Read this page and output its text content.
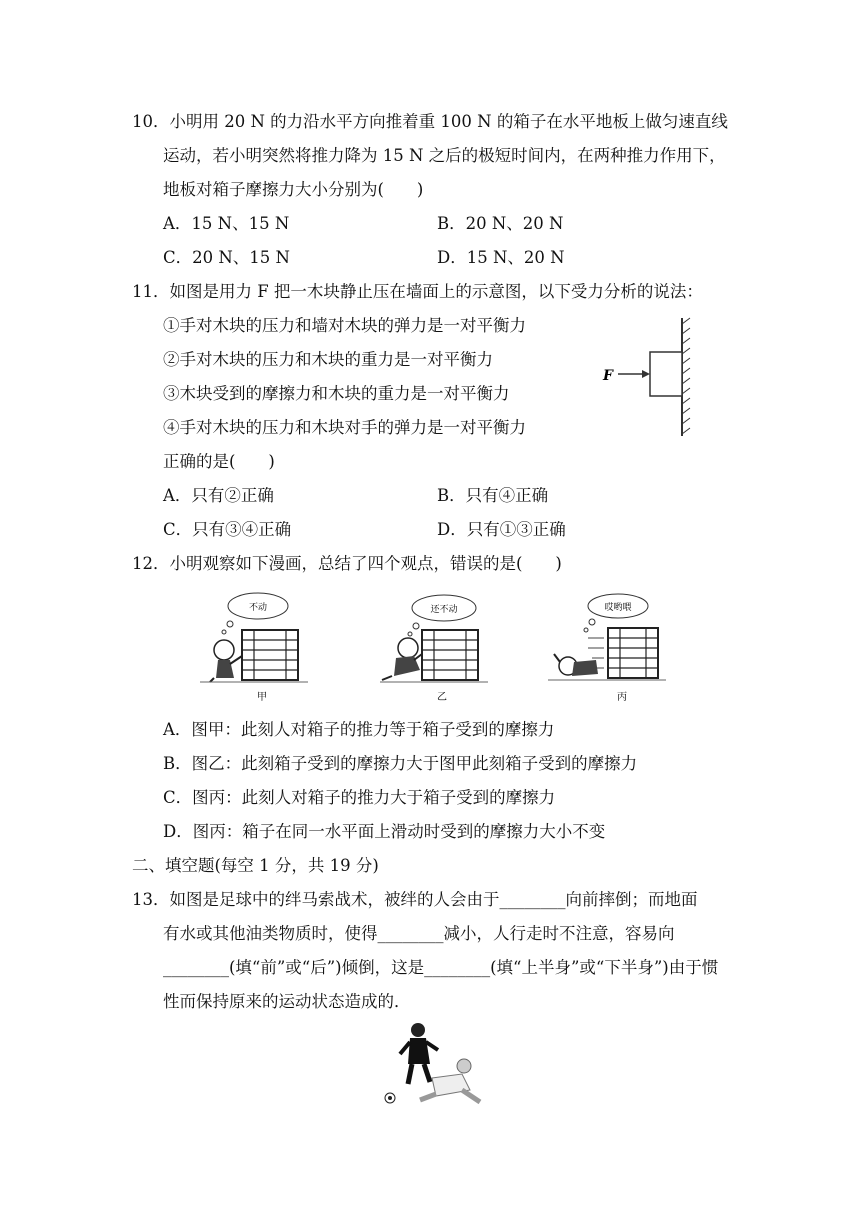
10．小明用 20 N 的力沿水平方向推着重 100 N 的箱子在水平地板上做匀速直线
运动，若小明突然将推力降为 15 N 之后的极短时间内，在两种推力作用下，
地板对箱子摩擦力大小分别为(　　)
A．15 N、15 N	B．20 N、20 N
C．20 N、15 N	D．15 N、20 N
11．如图是用力 F 把一木块静止压在墙面上的示意图，以下受力分析的说法：
①手对木块的压力和墙对木块的弹力是一对平衡力
②手对木块的压力和木块的重力是一对平衡力
③木块受到的摩擦力和木块的重力是一对平衡力
④手对木块的压力和木块对手的弹力是一对平衡力
正确的是(　　)
F
A．只有②正确	B．只有④正确
C．只有③④正确	D．只有①③正确
12．小明观察如下漫画，总结了四个观点，错误的是(　　)
不动
甲
还不动
乙
哎哟喂
丙
A．图甲：此刻人对箱子的推力等于箱子受到的摩擦力
B．图乙：此刻箱子受到的摩擦力大于图甲此刻箱子受到的摩擦力
C．图丙：此刻人对箱子的推力大于箱子受到的摩擦力
D．图丙：箱子在同一水平面上滑动时受到的摩擦力大小不变
二、填空题(每空 1 分，共 19 分)
13．如图是足球中的绊马索战术，被绊的人会由于________向前摔倒；而地面
有水或其他油类物质时，使得________减小，人行走时不注意，容易向
________(填“前”或“后”)倾倒，这是________(填“上半身”或“下半身”)由于惯
性而保持原来的运动状态造成的．
